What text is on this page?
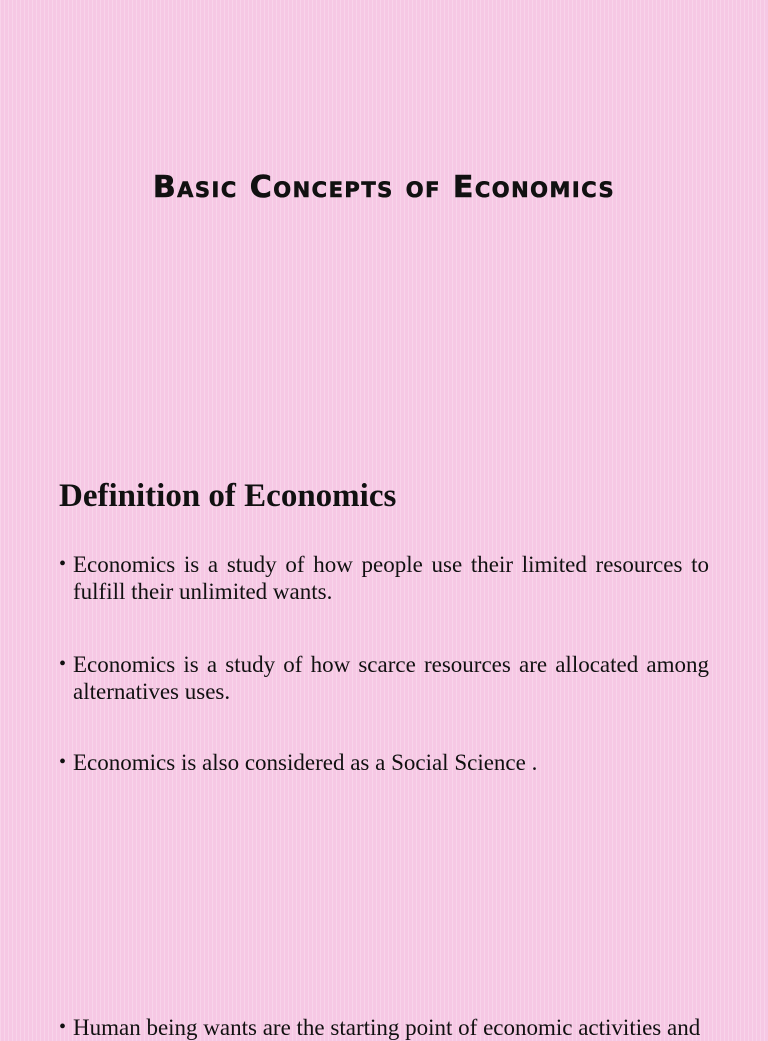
Basic Concepts of Economics
Definition of Economics
• Economics is a study of how people use their limited resources to fulfill their unlimited wants.
• Economics is a study of how scarce resources are allocated among alternatives uses.
• Economics is also considered as a Social Science .
• Human being wants are the starting point of economic activities and
